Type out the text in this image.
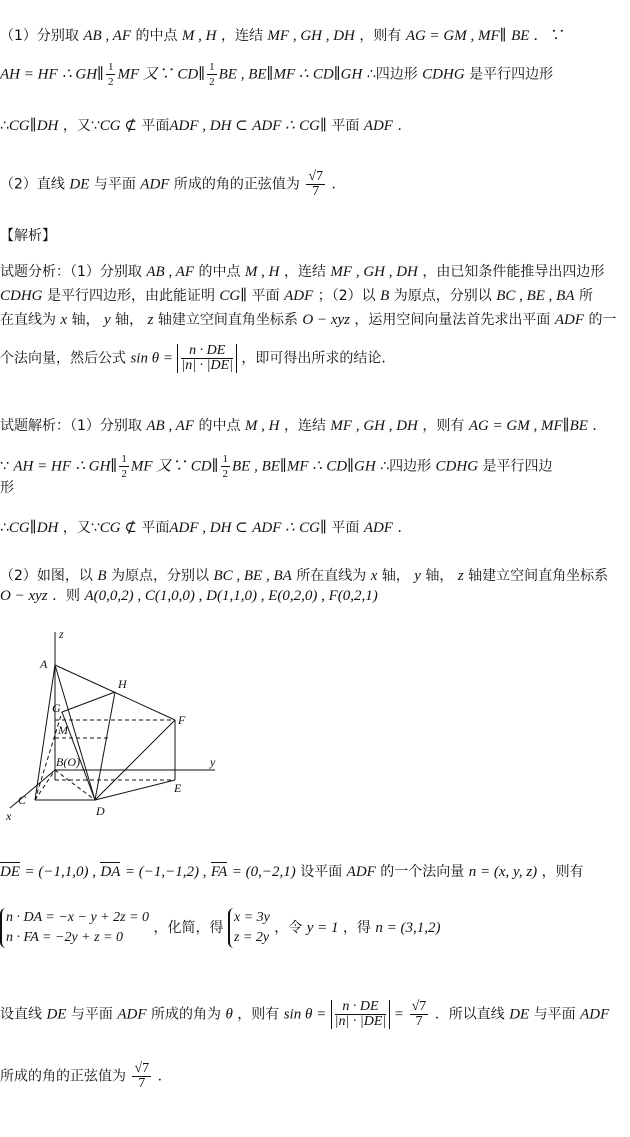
（1）分别取 AB , AF 的中点 M , H ，连结 MF , GH , DH ，则有 AG = GM , MF∥ BE ．∵
AH = HF ∴ GH∥ $\frac{1}{2}$ MF 又∵ CD∥ $\frac{1}{2}$ BE , BE∥MF ∴ CD∥GH ∴四边形 CDHG 是平行四边形
∴CG∥DH ，又∵CG ⊄ 平面ADF , DH ⊂ ADF ∴ CG∥ 平面 ADF ．
（2）直线 DE 与平面 ADF 所成的角的正弦值为 $\frac{√7}{7}$ ．
【解析】
试题分析：（1）分别取 AB , AF 的中点 M , H ，连结 MF , GH , DH ，由已知条件能推导出四边形
CDHG 是平行四边形，由此能证明 CG∥ 平面 ADF ；（2）以 B 为原点，分别以 BC , BE , BA 所
在直线为 x 轴， y 轴， z 轴建立空间直角坐标系 O − xyz ，运用空间向量法首先求出平面 ADF 的一
个法向量，然后公式 $\sin \theta = \frac{n \cdot DE}{|n| \cdot |DE|}$ ，即可得出所求的结论．
试题解析：（1）分别取 AB , AF 的中点 M , H ，连结 MF , GH , DH ，则有 AG = GM , MF∥BE ．
∵ AH = HF ∴ GH∥ $\frac{1}{2}$ MF 又∵ CD∥ $\frac{1}{2}$ BE , BE∥MF ∴ CD∥GH ∴四边形 CDHG 是平行四边
形
∴CG∥DH ，又∵CG ⊄ 平面ADF , DH ⊂ ADF ∴ CG∥ 平面 ADF ．
（2）如图，以 B 为原点，分别以 BC , BE , BA 所在直线为 x 轴， y 轴， z 轴建立空间直角坐标系
O − xyz ．则 A(0,0,2) , C(1,0,0) , D(1,1,0) , E(0,2,0) , F(0,2,1)
z
A
H
G
M
F
B(O)	y
C
D
E
x
DE = (−1,1,0) , DA = (−1,−1,2) , FA = (0,−2,1) 设平面 ADF 的一个法向量 n = (x, y, z) ，则有
n · DA = −x − y + 2z = 0
n · FA = −2y + z = 0
，化简，得
x = 3y
z = 2y
，令 y = 1 ，得 n = (3,1,2)
设直线 DE 与平面 ADF 所成的角为 θ ，则有 $\sin \theta = \frac{n \cdot DE}{|n| \cdot |DE|} = \frac{√7}{7}$ ．所以直线 DE 与平面 ADF
所成的角的正弦值为 $\frac{√7}{7}$ ．
